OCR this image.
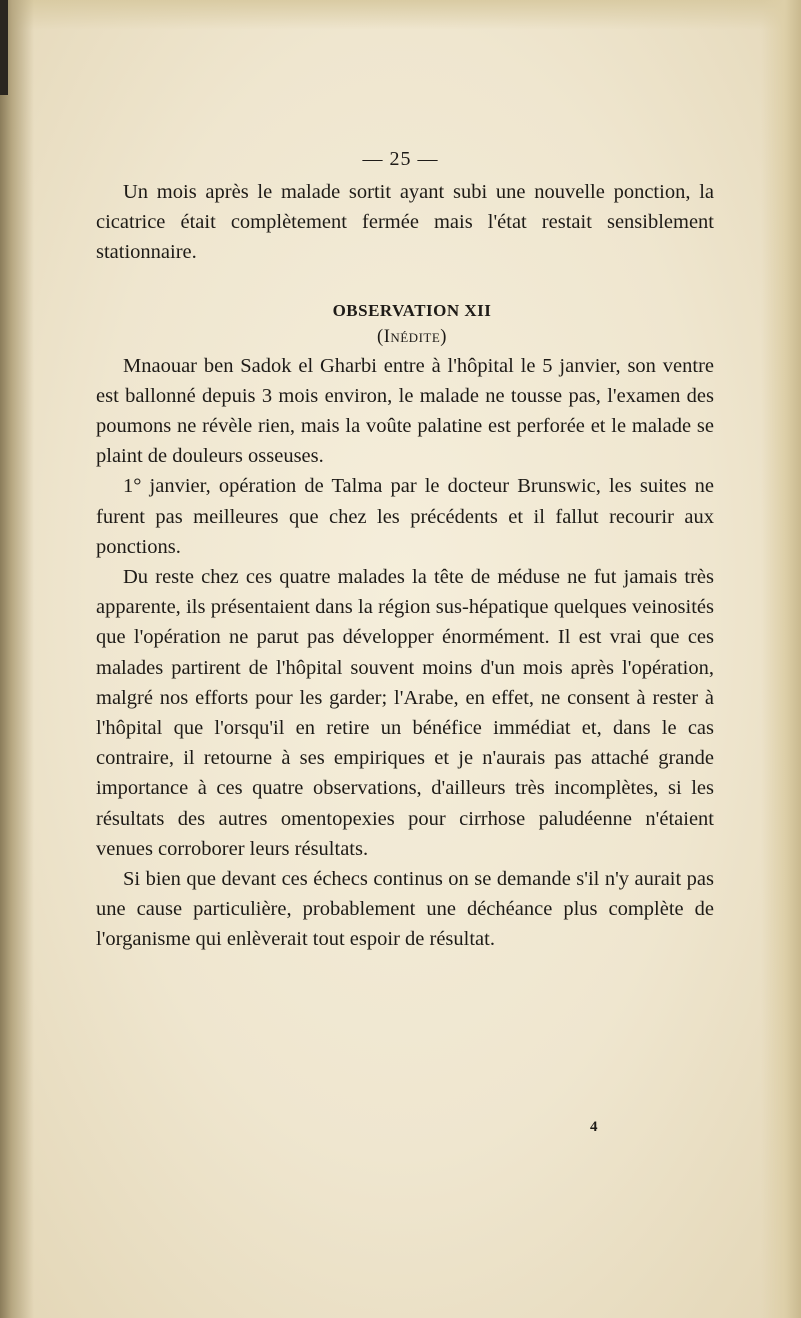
— 25 —

Un mois après le malade sortit ayant subi une nouvelle ponction, la cicatrice était complètement fermée mais l'état restait sensiblement stationnaire.

OBSERVATION XII

(Inédite)

Mnaouar ben Sadok el Gharbi entre à l'hôpital le 5 janvier, son ventre est ballonné depuis 3 mois environ, le malade ne tousse pas, l'examen des poumons ne révèle rien, mais la voûte palatine est perforée et le malade se plaint de douleurs osseuses.

1° janvier, opération de Talma par le docteur Brunswic, les suites ne furent pas meilleures que chez les précédents et il fallut recourir aux ponctions.

Du reste chez ces quatre malades la tête de méduse ne fut jamais très apparente, ils présentaient dans la région sus-hépatique quelques veinosités que l'opération ne parut pas développer énormément. Il est vrai que ces malades partirent de l'hôpital souvent moins d'un mois après l'opération, malgré nos efforts pour les garder; l'Arabe, en effet, ne consent à rester à l'hôpital que l'orsqu'il en retire un bénéfice immédiat et, dans le cas contraire, il retourne à ses empiriques et je n'aurais pas attaché grande importance à ces quatre observations, d'ailleurs très incomplètes, si les résultats des autres omentopexies pour cirrhose paludéenne n'étaient venues corroborer leurs résultats.

Si bien que devant ces échecs continus on se demande s'il n'y aurait pas une cause particulière, probablement une déchéance plus complète de l'organisme qui enlèverait tout espoir de résultat.

4
